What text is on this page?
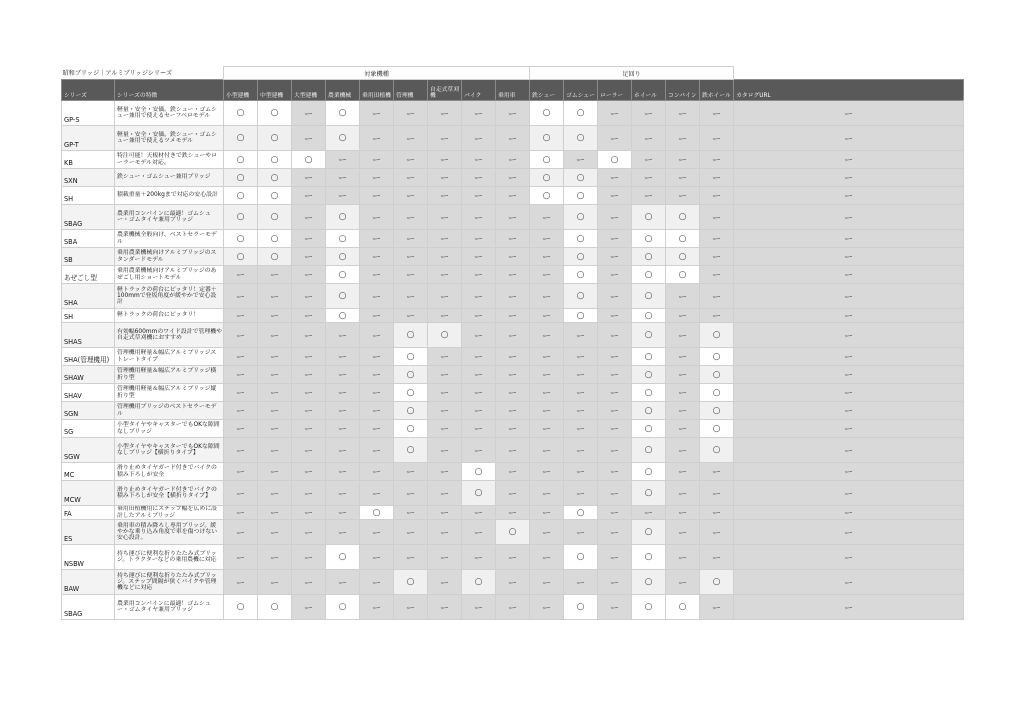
昭和ブリッジ｜アルミブリッジシリーズ		対象機種									足回り							
シリーズ	シリーズの特徴	小型建機	中型建機	大型建機	農業機械	乗用田植機	管理機	自走式草刈機	バイク	乗用車	鉄シュー	ゴムシュー	ローラー	ホイール	コンバイン	鉄ホイール	カタログURL	
GP-S	軽量・安全・安価。鉄シュー・ゴムシュー兼用で使えるセーフベロモデル	○	○	ー	○	ー	ー	ー	ー	ー	○	○	ー	ー	ー	ー	ー		
GP-T	軽量・安全・安価。鉄シュー・ゴムシュー兼用で使えるツメモデル	○	○	ー	○	ー	ー	ー	ー	ー	○	○	ー	ー	ー	ー	ー		
KB	特注可能！天板材付きで鉄シューやローラーモデル対応。	○	○	○	ー	ー	ー	ー	ー	ー	○	ー	○	ー	ー	ー	ー		
SXN	鉄シュー・ゴムシュー兼用ブリッジ	○	○	ー	ー	ー	ー	ー	ー	ー	○	○	ー	ー	ー	ー	ー		
SH	積載重量＋200kgまで対応の安心設計	○	○	ー	ー	ー	ー	ー	ー	ー	○	○	ー	ー	ー	ー	ー		
SBAG	農業用コンバインに最適！ゴムシュー・ゴムタイヤ兼用ブリッジ	○	○	ー	○	ー	ー	ー	ー	ー	ー	○	ー	○	○	ー	ー		
SBA	農業機械全般向け、ベストセラーモデル	○	○	ー	○	ー	ー	ー	ー	ー	ー	○	ー	○	○	ー	ー		
SB	乗用農業機械向けアルミブリッジのスタンダードモデル	○	○	ー	○	ー	ー	ー	ー	ー	ー	○	ー	○	○	ー	ー		
あぜごし型	乗用農業機械向けアルミブリッジのあぜごし用ショートモデル	ー	ー	ー	○	ー	ー	ー	ー	ー	ー	○	ー	○	○	ー	ー		
SHA	軽トラックの荷台にピッタリ！定番＋100mmで登坂角度が緩やかで安心設計	ー	ー	ー	○	ー	ー	ー	ー	ー	ー	○	ー	○	ー	ー	ー		
SH	軽トラックの荷台にピッタリ！	ー	ー	ー	○	ー	ー	ー	ー	ー	ー	○	ー	○	ー	ー	ー		
SHAS	有効幅600mmのワイド設計で管理機や自走式草刈機におすすめ	ー	ー	ー	ー	ー	○	○	ー	ー	ー	ー	ー	○	ー	○	ー		
SHA(管理機用)	管理機用軽量＆幅広アルミブリッジストレートタイプ	ー	ー	ー	ー	ー	○	ー	ー	ー	ー	ー	ー	○	ー	○	ー		
SHAW	管理機用軽量＆幅広アルミブリッジ横折り型	ー	ー	ー	ー	ー	○	ー	ー	ー	ー	ー	ー	○	ー	○	ー		
SHAV	管理機用軽量＆幅広アルミブリッジ縦折り型	ー	ー	ー	ー	ー	○	ー	ー	ー	ー	ー	ー	○	ー	○	ー		
SGN	管理機用ブリッジのベストセラーモデル	ー	ー	ー	ー	ー	○	ー	ー	ー	ー	ー	ー	○	ー	○	ー		
SG	小型タイヤやキャスターでもOKな隙間なしブリッジ	ー	ー	ー	ー	ー	○	ー	ー	ー	ー	ー	ー	○	ー	○	ー		
SGW	小型タイヤやキャスターでもOKな隙間なしブリッジ【横折りタイプ】	ー	ー	ー	ー	ー	○	ー	ー	ー	ー	ー	ー	○	ー	○	ー		
MC	滑り止めタイヤガード付きでバイクの積み下ろしが安全	ー	ー	ー	ー	ー	ー	ー	○	ー	ー	ー	ー	○	ー	ー	ー		
MCW	滑り止めタイヤガード付きでバイクの積み下ろしが安全【横折りタイプ】	ー	ー	ー	ー	ー	ー	ー	○	ー	ー	ー	ー	○	ー	ー	ー		
FA	乗用田植機用にステップ幅を広めに設計したアルミブリッジ	ー	ー	ー	ー	○	ー	ー	ー	ー	ー	○	ー	ー	ー	ー	ー		
ES	乗用車の積み降ろし専用ブリッジ。緩やかな乗り込み角度で車を傷つけない安心設計。	ー	ー	ー	ー	ー	ー	ー	ー	○	ー	ー	ー	○	ー	ー	ー		
NSBW	持ち運びに便利な折りたたみ式ブリッジ。トラクターなどの乗用農機に対応	ー	ー	ー	○	ー	ー	ー	ー	ー	ー	○	ー	○	ー	ー	ー		
BAW	持ち運びに便利な折りたたみ式ブリッジ。ステップ間隔が狭くバイクや管理機などに対応	ー	ー	ー	ー	ー	○	ー	○	ー	ー	ー	ー	○	ー	○	ー		
SBAG	農業用コンバインに最適！ゴムシュー・ゴムタイヤ兼用ブリッジ	○	○	ー	○	ー	ー	ー	ー	ー	ー	○	ー	○	○	ー	ー		
